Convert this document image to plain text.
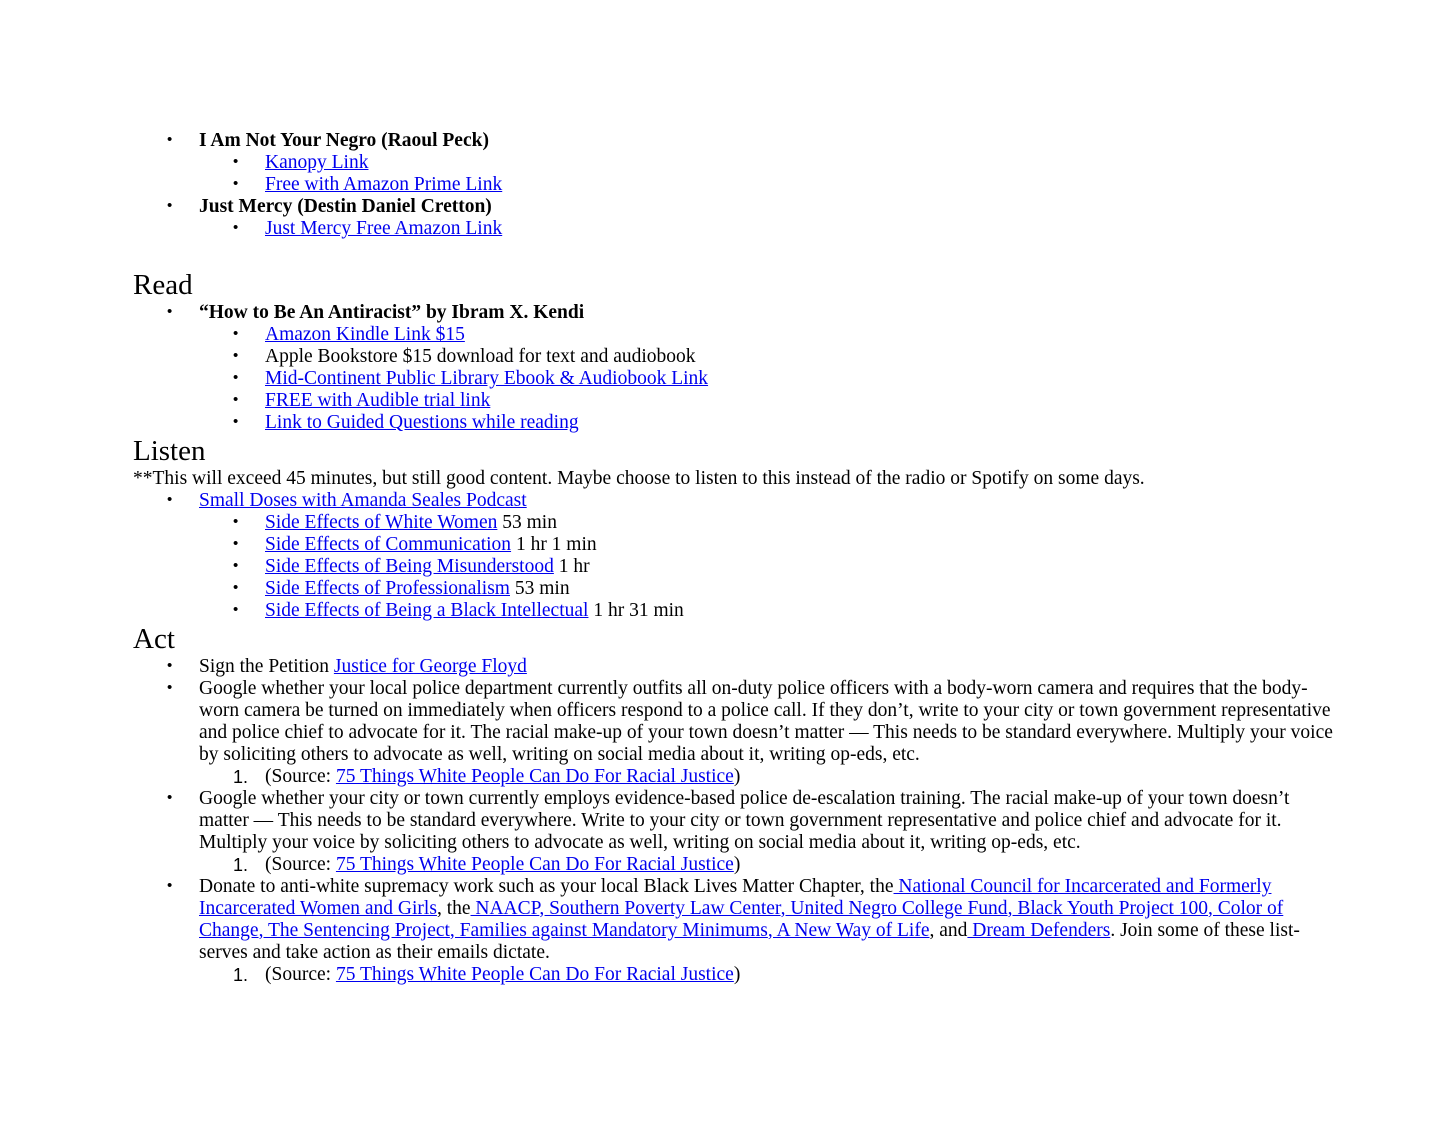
• I Am Not Your Negro (Raoul Peck)
• Kanopy Link
• Free with Amazon Prime Link
• Just Mercy (Destin Daniel Cretton)
• Just Mercy Free Amazon Link
Read
• “How to Be An Antiracist” by Ibram X. Kendi
• Amazon Kindle Link $15
• Apple Bookstore $15 download for text and audiobook
• Mid-Continent Public Library Ebook & Audiobook Link
• FREE with Audible trial link
• Link to Guided Questions while reading
Listen

**This will exceed 45 minutes, but still good content. Maybe choose to listen to this instead of the radio or Spotify on some days.

• Small Doses with Amanda Seales Podcast
• Side Effects of White Women 53 min
• Side Effects of Communication 1 hr 1 min
• Side Effects of Being Misunderstood 1 hr
• Side Effects of Professionalism 53 min
• Side Effects of Being a Black Intellectual 1 hr 31 min
Act
• Sign the Petition Justice for George Floyd
• Google whether your local police department currently outfits all on-duty police officers with a body-worn camera and requires that the body-worn camera be turned on immediately when officers respond to a police call. If they don’t, write to your city or town government representative and police chief to advocate for it. The racial make-up of your town doesn’t matter — This needs to be standard everywhere. Multiply your voice by soliciting others to advocate as well, writing on social media about it, writing op-eds, etc.
1. (Source: 75 Things White People Can Do For Racial Justice)
• Google whether your city or town currently employs evidence-based police de-escalation training. The racial make-up of your town doesn’t matter — This needs to be standard everywhere. Write to your city or town government representative and police chief and advocate for it. Multiply your voice by soliciting others to advocate as well, writing on social media about it, writing op-eds, etc.
1. (Source: 75 Things White People Can Do For Racial Justice)
• Donate to anti-white supremacy work such as your local Black Lives Matter Chapter, the National Council for Incarcerated and Formerly Incarcerated Women and Girls, the NAACP, Southern Poverty Law Center, United Negro College Fund, Black Youth Project 100, Color of Change, The Sentencing Project, Families against Mandatory Minimums, A New Way of Life, and Dream Defenders. Join some of these list-serves and take action as their emails dictate.
1. (Source: 75 Things White People Can Do For Racial Justice)
